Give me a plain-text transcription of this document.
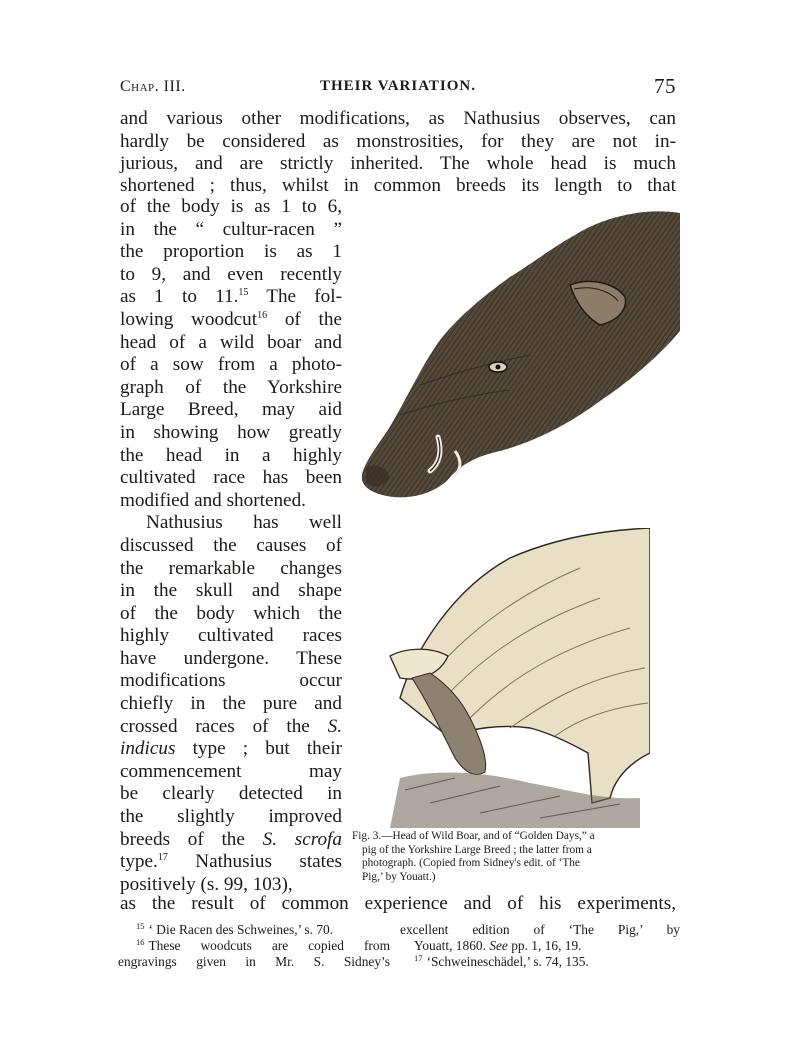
Chap. III.	THEIR VARIATION.	75
and various other modifications, as Nathusius observes, can
hardly be considered as monstrosities, for they are not in-
jurious, and are strictly inherited. The whole head is much
shortened ; thus, whilst in common breeds its length to that
of the body is as 1 to 6,
in the “ cultur-racen ”
the proportion is as 1
to 9, and even recently
as 1 to 11.15 The fol-
lowing woodcut$^{16}$ of the
head of a wild boar and
of a sow from a photo-
graph of the Yorkshire
Large Breed, may aid
in showing how greatly
the head in a highly
cultivated race has been
modified and shortened.
Nathusius has well
discussed the causes of
the remarkable changes
in the skull and shape
of the body which the
highly cultivated races
have undergone. These
modifications occur
chiefly in the pure and
crossed races of the S.
indicus type ; but their
commencement may
be clearly detected in
the slightly improved
breeds of the S. scrofa
type.$^{17}$ Nathusius states
positively (s. 99, 103),
Fig. 3.—Head of Wild Boar, and of “Golden Days,” a
pig of the Yorkshire Large Breed ; the latter from a
photograph. (Copied from Sidney's edit. of ‘The
Pig,’ by Youatt.)
as the result of common experience and of his experiments,
$^{15}$ ‘ Die Racen des Schweines,’ s. 70.
$^{16}$ These woodcuts are copied from
engravings given in Mr. S. Sidney’s
excellent edition of ‘The Pig,’ by
Youatt, 1860. See pp. 1, 16, 19.
$^{17}$ ‘Schweineschädel,’ s. 74, 135.
